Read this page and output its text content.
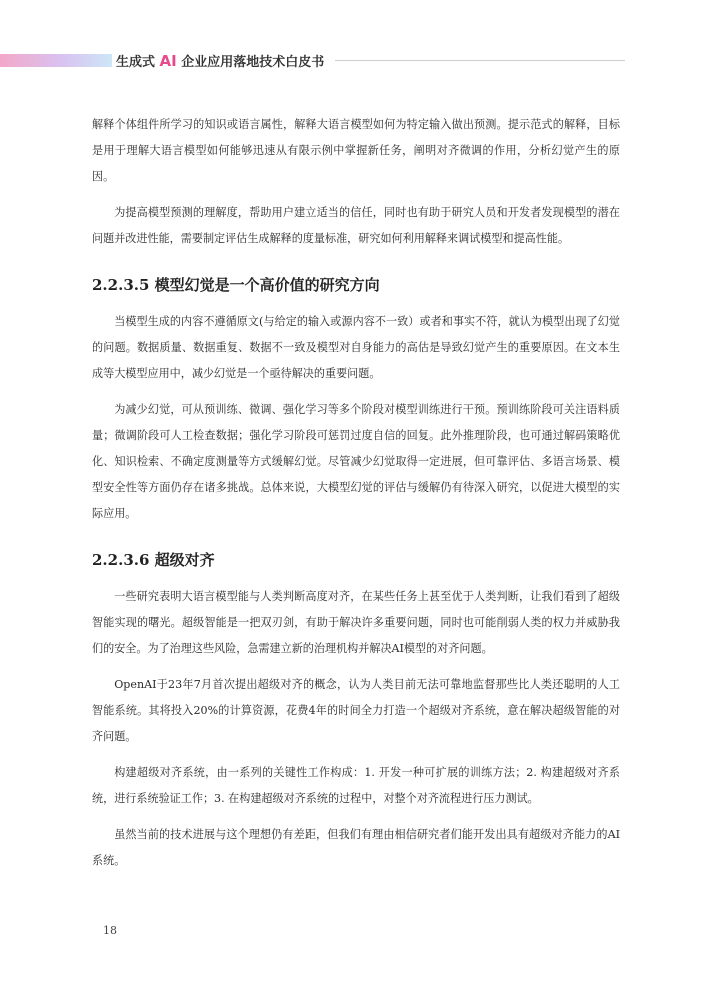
生成式 AI 企业应用落地技术白皮书

解释个体组件所学习的知识或语言属性，解释大语言模型如何为特定输入做出预测。提示范式的解释，目标是用于理解大语言模型如何能够迅速从有限示例中掌握新任务，阐明对齐微调的作用，分析幻觉产生的原因。

为提高模型预测的理解度，帮助用户建立适当的信任，同时也有助于研究人员和开发者发现模型的潜在问题并改进性能，需要制定评估生成解释的度量标准，研究如何利用解释来调试模型和提高性能。

2.2.3.5 模型幻觉是一个高价值的研究方向

当模型生成的内容不遵循原文(与给定的输入或源内容不一致）或者和事实不符，就认为模型出现了幻觉的问题。数据质量、数据重复、数据不一致及模型对自身能力的高估是导致幻觉产生的重要原因。在文本生成等大模型应用中，减少幻觉是一个亟待解决的重要问题。

为减少幻觉，可从预训练、微调、强化学习等多个阶段对模型训练进行干预。预训练阶段可关注语料质量；微调阶段可人工检查数据；强化学习阶段可惩罚过度自信的回复。此外推理阶段，也可通过解码策略优化、知识检索、不确定度测量等方式缓解幻觉。尽管减少幻觉取得一定进展，但可靠评估、多语言场景、模型安全性等方面仍存在诸多挑战。总体来说，大模型幻觉的评估与缓解仍有待深入研究，以促进大模型的实际应用。

2.2.3.6 超级对齐

一些研究表明大语言模型能与人类判断高度对齐，在某些任务上甚至优于人类判断，让我们看到了超级智能实现的曙光。超级智能是一把双刃剑，有助于解决许多重要问题，同时也可能削弱人类的权力并威胁我们的安全。为了治理这些风险，急需建立新的治理机构并解决AI模型的对齐问题。

OpenAI于23年7月首次提出超级对齐的概念，认为人类目前无法可靠地监督那些比人类还聪明的人工智能系统。其将投入20%的计算资源，花费4年的时间全力打造一个超级对齐系统，意在解决超级智能的对齐问题。

构建超级对齐系统，由一系列的关键性工作构成：1. 开发一种可扩展的训练方法；2. 构建超级对齐系统，进行系统验证工作；3. 在构建超级对齐系统的过程中，对整个对齐流程进行压力测试。

虽然当前的技术进展与这个理想仍有差距，但我们有理由相信研究者们能开发出具有超级对齐能力的AI系统。

18
